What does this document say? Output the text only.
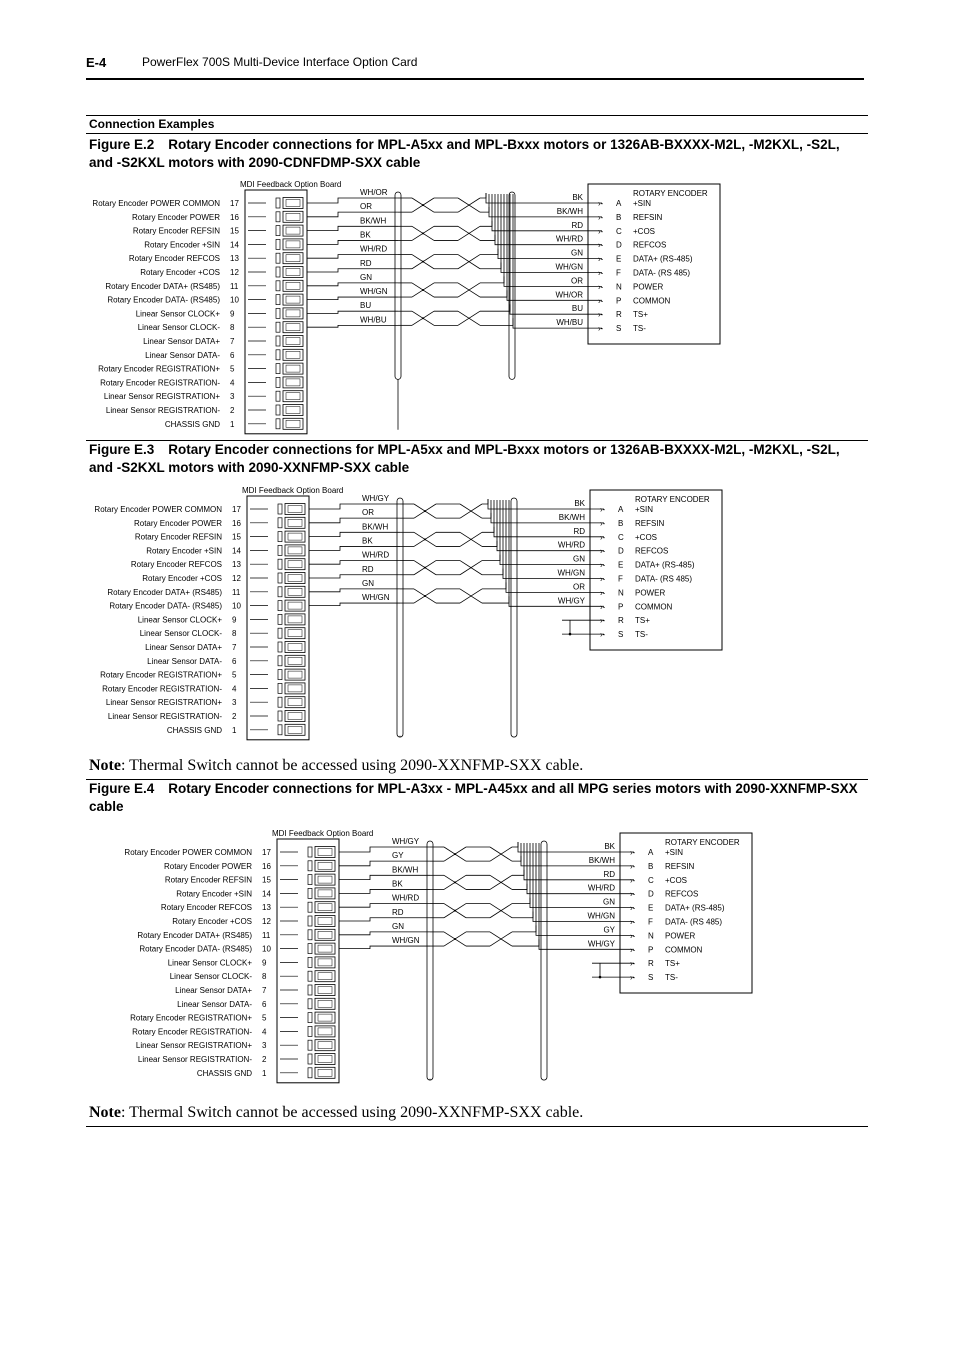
E-4	PowerFlex 700S Multi-Device Interface Option Card
Connection Examples
Figure E.2 Rotary Encoder connections for MPL-A5xx and MPL-Bxxx motors or 1326AB-BXXXX-M2L, -M2KXL, -S2L, and -S2KXL motors with 2090-CDNFDMP-SXX cable
MDI Feedback Option Board
Rotary Encoder POWER COMMON 17
Rotary Encoder POWER 16
Rotary Encoder REFSIN 15
Rotary Encoder +SIN 14
Rotary Encoder REFCOS 13
Rotary Encoder +COS 12
Rotary Encoder DATA+ (RS485) 11
Rotary Encoder DATA- (RS485) 10
Linear Sensor CLOCK+ 9
Linear Sensor CLOCK- 8
Linear Sensor DATA+ 7
Linear Sensor DATA- 6
Rotary Encoder REGISTRATION+ 5
Rotary Encoder REGISTRATION- 4
Linear Sensor REGISTRATION+ 3
Linear Sensor REGISTRATION- 2
CHASSIS GND 1
WH/OR
OR
BK/WH
BK
WH/RD
RD
GN
WH/GN
BU
WH/BU
BK
BK/WH
RD
WH/RD
GN
WH/GN
OR
WH/OR
BU
WH/BU
ROTARY ENCODER
›- A +SIN
›- B REFSIN
›- C +COS
›- D REFCOS
›- E DATA+ (RS-485)
›- F DATA- (RS 485)
›- N POWER
›- P COMMON
›- R TS+
›- S TS-
Figure E.3 Rotary Encoder connections for MPL-A5xx and MPL-Bxxx motors or 1326AB-BXXXX-M2L, -M2KXL, -S2L, and -S2KXL motors with 2090-XXNFMP-SXX cable
MDI Feedback Option Board
Rotary Encoder POWER COMMON 17
Rotary Encoder POWER 16
Rotary Encoder REFSIN 15
Rotary Encoder +SIN 14
Rotary Encoder REFCOS 13
Rotary Encoder +COS 12
Rotary Encoder DATA+ (RS485) 11
Rotary Encoder DATA- (RS485) 10
Linear Sensor CLOCK+ 9
Linear Sensor CLOCK- 8
Linear Sensor DATA+ 7
Linear Sensor DATA- 6
Rotary Encoder REGISTRATION+ 5
Rotary Encoder REGISTRATION- 4
Linear Sensor REGISTRATION+ 3
Linear Sensor REGISTRATION- 2
CHASSIS GND 1
WH/GY
OR
BK/WH
BK
WH/RD
RD
GN
WH/GN
BK
BK/WH
RD
WH/RD
GN
WH/GN
OR
WH/GY
ROTARY ENCODER
›- A +SIN
›- B REFSIN
›- C +COS
›- D REFCOS
›- E DATA+ (RS-485)
›- F DATA- (RS 485)
›- N POWER
›- P COMMON
›- R TS+
›- S TS-
Note: Thermal Switch cannot be accessed using 2090-XXNFMP-SXX cable.
Figure E.4 Rotary Encoder connections for MPL-A3xx - MPL-A45xx and all MPG series motors with 2090-XXNFMP-SXX cable
MDI Feedback Option Board
Rotary Encoder POWER COMMON 17
Rotary Encoder POWER 16
Rotary Encoder REFSIN 15
Rotary Encoder +SIN 14
Rotary Encoder REFCOS 13
Rotary Encoder +COS 12
Rotary Encoder DATA+ (RS485) 11
Rotary Encoder DATA- (RS485) 10
Linear Sensor CLOCK+ 9
Linear Sensor CLOCK- 8
Linear Sensor DATA+ 7
Linear Sensor DATA- 6
Rotary Encoder REGISTRATION+ 5
Rotary Encoder REGISTRATION- 4
Linear Sensor REGISTRATION+ 3
Linear Sensor REGISTRATION- 2
CHASSIS GND 1
WH/GY
GY
BK/WH
BK
WH/RD
RD
GN
WH/GN
BK
BK/WH
RD
WH/RD
GN
WH/GN
GY
WH/GY
ROTARY ENCODER
›- A +SIN
›- B REFSIN
›- C +COS
›- D REFCOS
›- E DATA+ (RS-485)
›- F DATA- (RS 485)
›- N POWER
›- P COMMON
›- R TS+
›- S TS-
Note: Thermal Switch cannot be accessed using 2090-XXNFMP-SXX cable.
